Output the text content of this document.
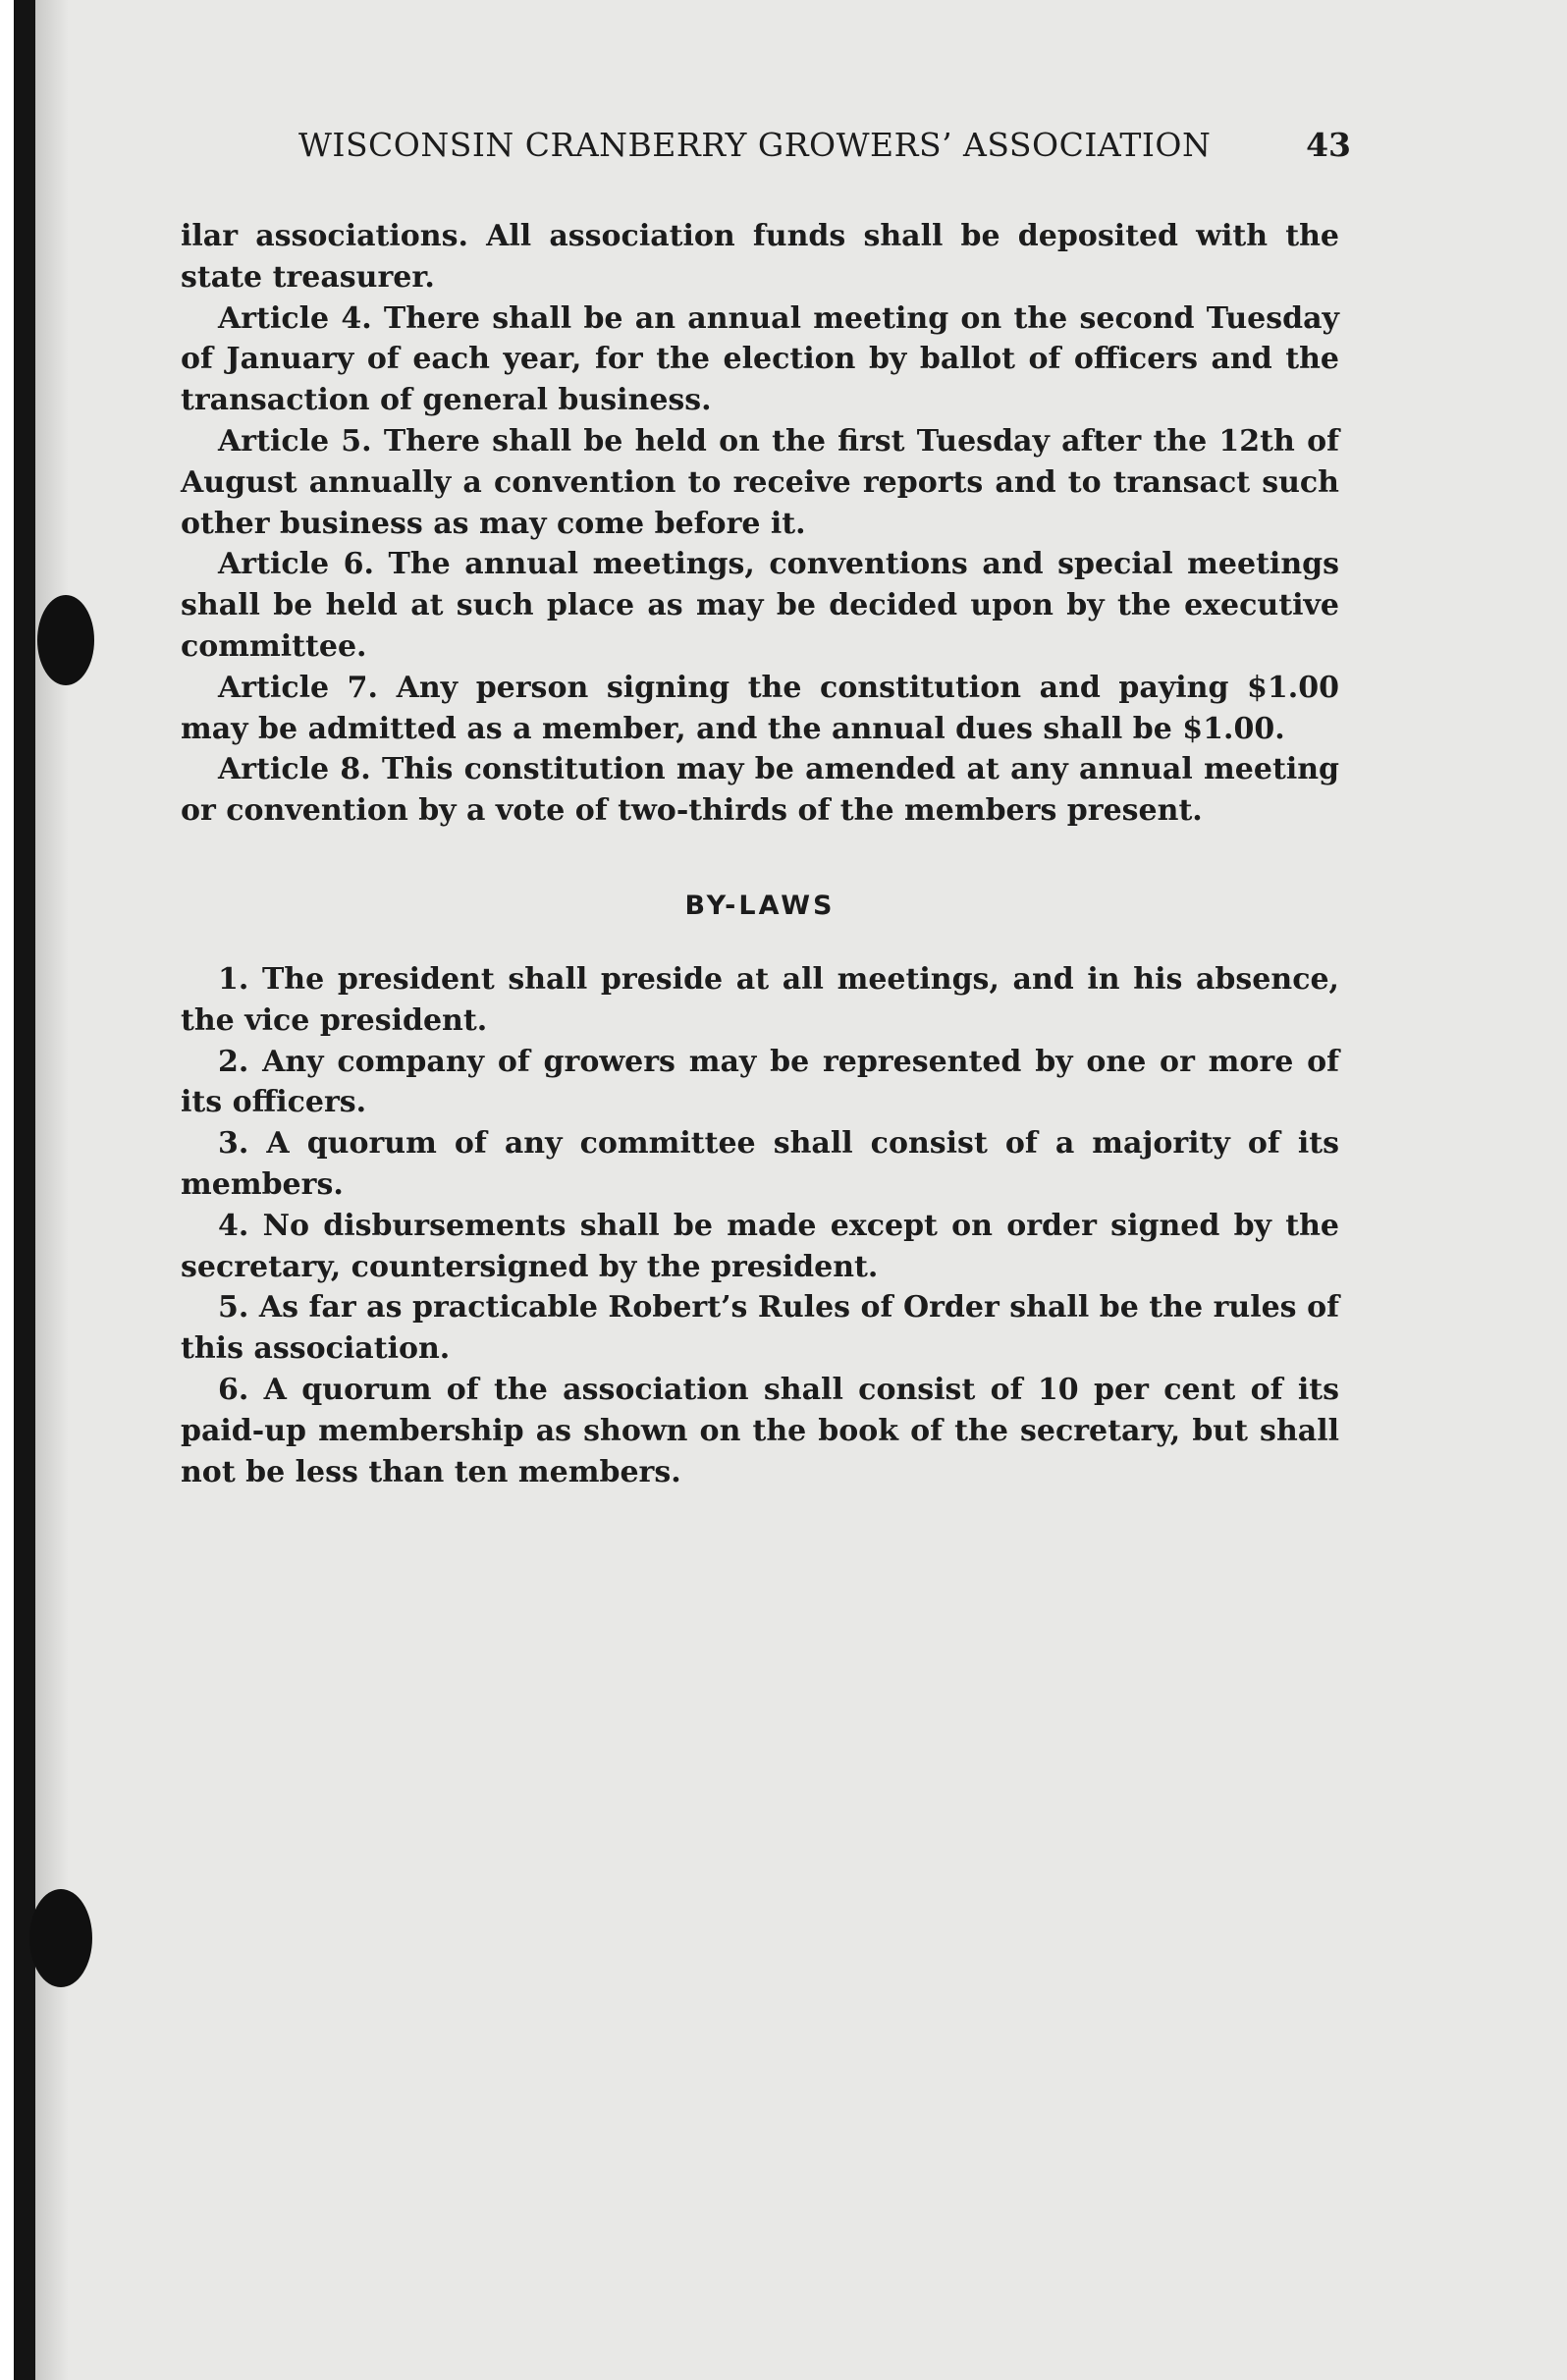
WISCONSIN CRANBERRY GROWERS’ ASSOCIATION	43

ilar associations. All association funds shall be deposited with the state treasurer.

Article 4. There shall be an annual meeting on the second Tuesday of January of each year, for the election by ballot of officers and the transaction of general business.

Article 5. There shall be held on the first Tuesday after the 12th of August annually a convention to receive reports and to transact such other business as may come before it.

Article 6. The annual meetings, conventions and special meetings shall be held at such place as may be decided upon by the executive committee.

Article 7. Any person signing the constitution and paying $1.00 may be admitted as a member, and the annual dues shall be $1.00.

Article 8. This constitution may be amended at any annual meeting or convention by a vote of two-thirds of the members present.

BY-LAWS

1. The president shall preside at all meetings, and in his absence, the vice president.

2. Any company of growers may be represented by one or more of its officers.

3. A quorum of any committee shall consist of a majority of its members.

4. No disbursements shall be made except on order signed by the secretary, countersigned by the president.

5. As far as practicable Robert’s Rules of Order shall be the rules of this association.

6. A quorum of the association shall consist of 10 per cent of its paid-up membership as shown on the book of the secretary, but shall not be less than ten members.
